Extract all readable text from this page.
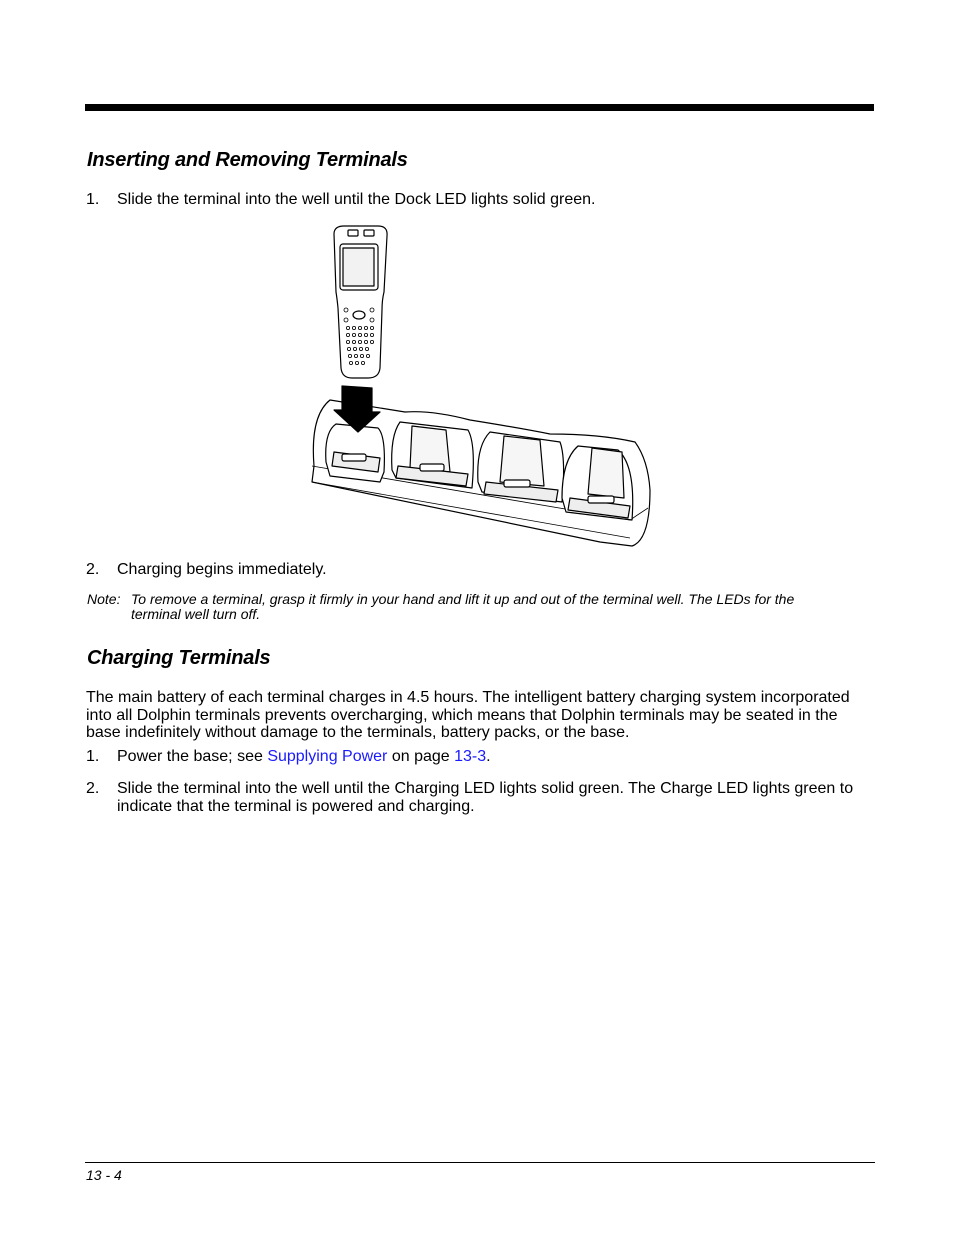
Inserting and Removing Terminals
1. Slide the terminal into the well until the Dock LED lights solid green.
2. Charging begins immediately.
Note: To remove a terminal, grasp it firmly in your hand and lift it up and out of the terminal well. The LEDs for the
terminal well turn off.
Charging Terminals
The main battery of each terminal charges in 4.5 hours. The intelligent battery charging system incorporated into all Dolphin terminals prevents overcharging, which means that Dolphin terminals may be seated in the base indefinitely without damage to the terminals, battery packs, or the base.
1. Power the base; see Supplying Power on page 13-3.
2. Slide the terminal into the well until the Charging LED lights solid green. The Charge LED lights green to indicate that the terminal is powered and charging.
13 - 4
